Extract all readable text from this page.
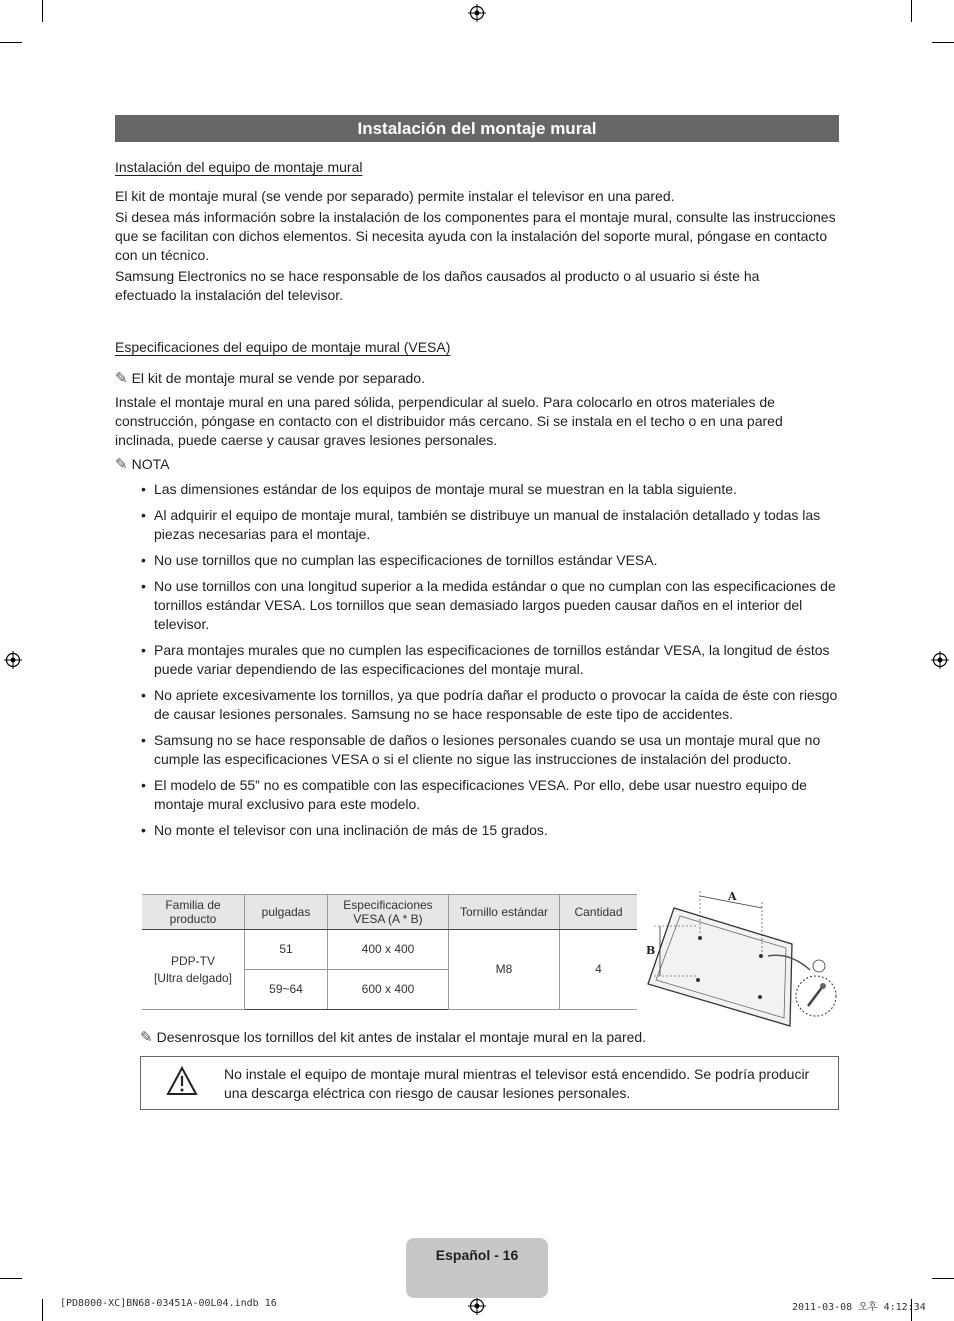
Instalación del montaje mural
Instalación del equipo de montaje mural
El kit de montaje mural (se vende por separado) permite instalar el televisor en una pared.
Si desea más información sobre la instalación de los componentes para el montaje mural, consulte las instrucciones que se facilitan con dichos elementos. Si necesita ayuda con la instalación del soporte mural, póngase en contacto con un técnico.
Samsung Electronics no se hace responsable de los daños causados al producto o al usuario si éste ha efectuado la instalación del televisor.
Especificaciones del equipo de montaje mural (VESA)
✎ El kit de montaje mural se vende por separado.
Instale el montaje mural en una pared sólida, perpendicular al suelo. Para colocarlo en otros materiales de construcción, póngase en contacto con el distribuidor más cercano. Si se instala en el techo o en una pared inclinada, puede caerse y causar graves lesiones personales.
✎ NOTA
• Las dimensiones estándar de los equipos de montaje mural se muestran en la tabla siguiente.
• Al adquirir el equipo de montaje mural, también se distribuye un manual de instalación detallado y todas las piezas necesarias para el montaje.
• No use tornillos que no cumplan las especificaciones de tornillos estándar VESA.
• No use tornillos con una longitud superior a la medida estándar o que no cumplan con las especificaciones de tornillos estándar VESA. Los tornillos que sean demasiado largos pueden causar daños en el interior del televisor.
• Para montajes murales que no cumplen las especificaciones de tornillos estándar VESA, la longitud de éstos puede variar dependiendo de las especificaciones del montaje mural.
• No apriete excesivamente los tornillos, ya que podría dañar el producto o provocar la caída de éste con riesgo de causar lesiones personales. Samsung no se hace responsable de este tipo de accidentes.
• Samsung no se hace responsable de daños o lesiones personales cuando se usa un montaje mural que no cumple las especificaciones VESA o si el cliente no sigue las instrucciones de instalación del producto.
• El modelo de 55” no es compatible con las especificaciones VESA. Por ello, debe usar nuestro equipo de montaje mural exclusivo para este modelo.
• No monte el televisor con una inclinación de más de 15 grados.
Familia de producto	pulgadas	Especificaciones VESA (A * B)	Tornillo estándar	Cantidad
PDP-TV
[Ultra delgado]	51	400 x 400	M8	4
	59~64	600 x 400		
A
B
✎ Desenrosque los tornillos del kit antes de instalar el montaje mural en la pared.
No instale el equipo de montaje mural mientras el televisor está encendido. Se podría producir una descarga eléctrica con riesgo de causar lesiones personales.
Español - 16
[PD8000-XC]BN68-03451A-00L04.indb 16	2011-03-08 오후 4:12:34
